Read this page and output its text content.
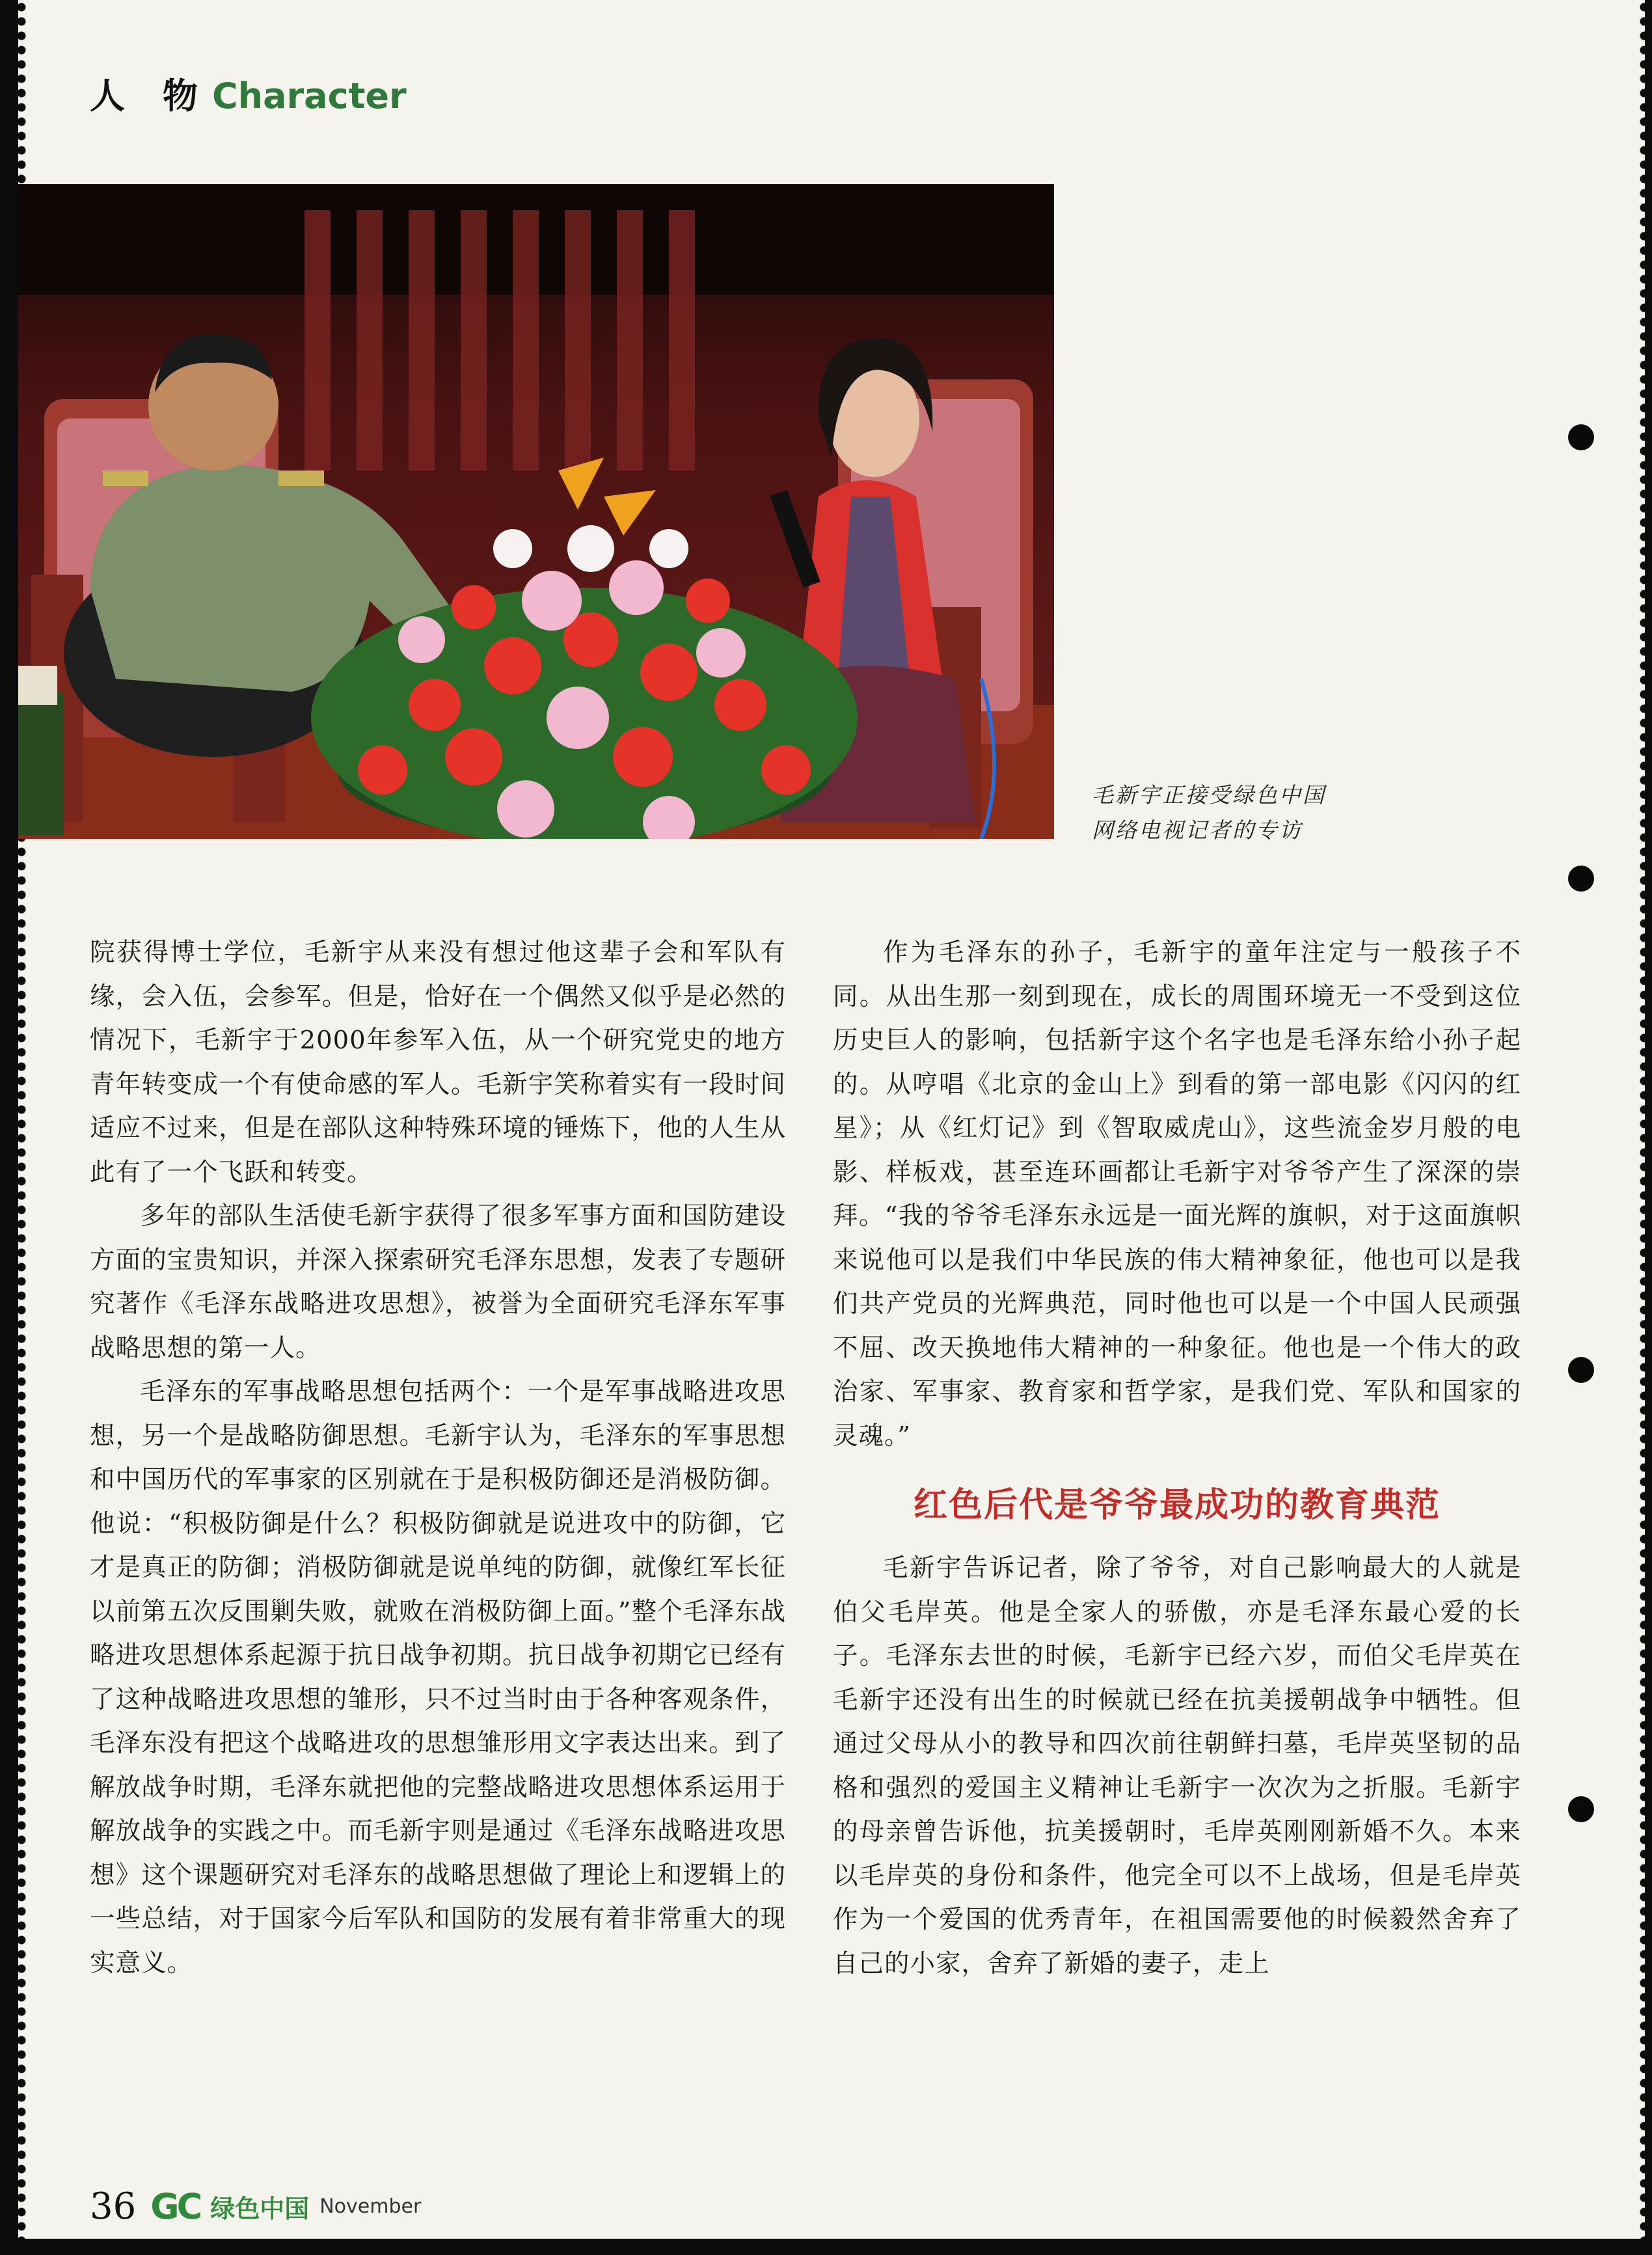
人　物 Character
毛新宇正接受绿色中国
网络电视记者的专访

院获得博士学位，毛新宇从来没有想过他这辈子会和军队有缘，会入伍，会参军。但是，恰好在一个偶然又似乎是必然的情况下，毛新宇于2000年参军入伍，从一个研究党史的地方青年转变成一个有使命感的军人。毛新宇笑称着实有一段时间适应不过来，但是在部队这种特殊环境的锤炼下，他的人生从此有了一个飞跃和转变。

多年的部队生活使毛新宇获得了很多军事方面和国防建设方面的宝贵知识，并深入探索研究毛泽东思想，发表了专题研究著作《毛泽东战略进攻思想》，被誉为全面研究毛泽东军事战略思想的第一人。

毛泽东的军事战略思想包括两个：一个是军事战略进攻思想，另一个是战略防御思想。毛新宇认为，毛泽东的军事思想和中国历代的军事家的区别就在于是积极防御还是消极防御。他说：“积极防御是什么？积极防御就是说进攻中的防御，它才是真正的防御；消极防御就是说单纯的防御，就像红军长征以前第五次反围剿失败，就败在消极防御上面。”整个毛泽东战略进攻思想体系起源于抗日战争初期。抗日战争初期它已经有了这种战略进攻思想的雏形，只不过当时由于各种客观条件，毛泽东没有把这个战略进攻的思想雏形用文字表达出来。到了解放战争时期，毛泽东就把他的完整战略进攻思想体系运用于解放战争的实践之中。而毛新宇则是通过《毛泽东战略进攻思想》这个课题研究对毛泽东的战略思想做了理论上和逻辑上的一些总结，对于国家今后军队和国防的发展有着非常重大的现实意义。

作为毛泽东的孙子，毛新宇的童年注定与一般孩子不同。从出生那一刻到现在，成长的周围环境无一不受到这位历史巨人的影响，包括新宇这个名字也是毛泽东给小孙子起的。从哼唱《北京的金山上》到看的第一部电影《闪闪的红星》；从《红灯记》到《智取威虎山》，这些流金岁月般的电影、样板戏，甚至连环画都让毛新宇对爷爷产生了深深的崇拜。“我的爷爷毛泽东永远是一面光辉的旗帜，对于这面旗帜来说他可以是我们中华民族的伟大精神象征，他也可以是我们共产党员的光辉典范，同时他也可以是一个中国人民顽强不屈、改天换地伟大精神的一种象征。他也是一个伟大的政治家、军事家、教育家和哲学家，是我们党、军队和国家的灵魂。”

红色后代是爷爷最成功的教育典范

毛新宇告诉记者，除了爷爷，对自己影响最大的人就是伯父毛岸英。他是全家人的骄傲，亦是毛泽东最心爱的长子。毛泽东去世的时候，毛新宇已经六岁，而伯父毛岸英在毛新宇还没有出生的时候就已经在抗美援朝战争中牺牲。但通过父母从小的教导和四次前往朝鲜扫墓，毛岸英坚韧的品格和强烈的爱国主义精神让毛新宇一次次为之折服。毛新宇的母亲曾告诉他，抗美援朝时，毛岸英刚刚新婚不久。本来以毛岸英的身份和条件，他完全可以不上战场，但是毛岸英作为一个爱国的优秀青年，在祖国需要他的时候毅然舍弃了自己的小家，舍弃了新婚的妻子，走上

36 GC 绿色中国 November
